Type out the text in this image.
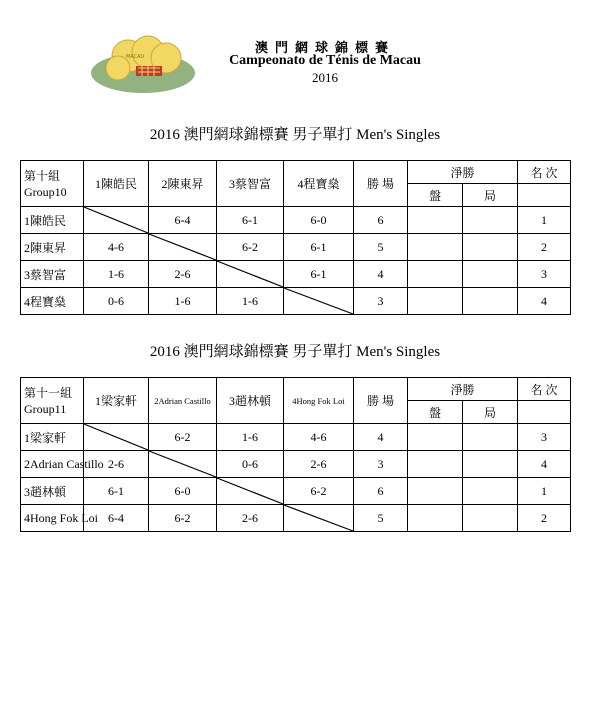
MACAU
澳門網球錦標賽
Campeonato de Ténis de Macau
2016
2016 澳門網球錦標賽 男子單打 Men's Singles
第十組
Group10	1陳皓民	2陳東昇	3蔡智富	4程寶燊	勝 場	淨勝		名 次
						盤	局	
1陳皓民		6-4	6-1	6-0	6			1
2陳東昇	4-6		6-2	6-1	5			2
3蔡智富	1-6	2-6		6-1	4			3
4程寶燊	0-6	1-6	1-6		3			4
2016 澳門網球錦標賽 男子單打 Men's Singles
第十一組
Group11	1梁家軒	2Adrian Castillo	3趙林頓	4Hong Fok Loi	勝 場	淨勝		名 次
						盤	局	
1梁家軒		6-2	1-6	4-6	4			3
2Adrian Castillo	2-6		0-6	2-6	3			4
3趙林頓	6-1	6-0		6-2	6			1
4Hong Fok Loi	6-4	6-2	2-6		5			2
